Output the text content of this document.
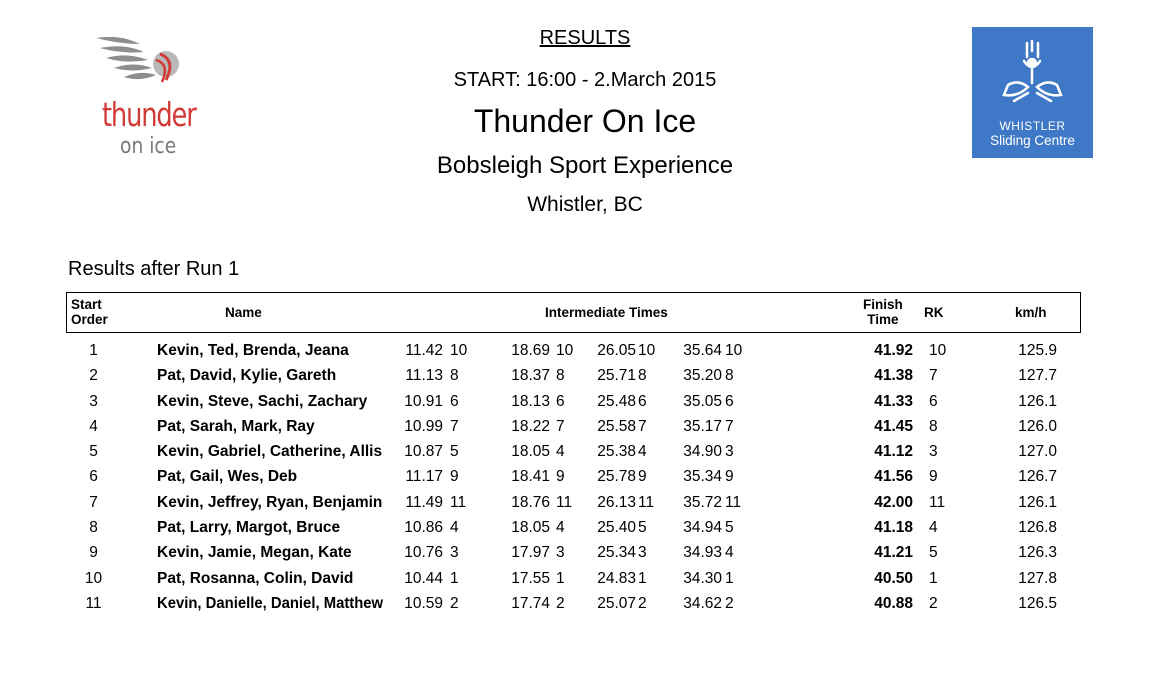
thunder
on ice
WHISTLER
Sliding Centre
RESULTS
START: 16:00 - 2.March 2015
Thunder On Ice
Bobsleigh Sport Experience
Whistler, BC
Results after Run 1
Start
Order	Name	Intermediate Times
Finish
Time	RK	km/h
1	Kevin, Ted, Brenda, Jeana	11.42 10	18.69 10	26.05 10	35.64 10	41.92 10	125.9
2	Pat, David, Kylie, Gareth	11.13 8	18.37 8	25.71 8	35.20 8	41.38 7	127.7
3	Kevin, Steve, Sachi, Zachary	10.91 6	18.13 6	25.48 6	35.05 6	41.33 6	126.1
4	Pat, Sarah, Mark, Ray	10.99 7	18.22 7	25.58 7	35.17 7	41.45 8	126.0
5	Kevin, Gabriel, Catherine, Allis	10.87 5	18.05 4	25.38 4	34.90 3	41.12 3	127.0
6	Pat, Gail, Wes, Deb	11.17 9	18.41 9	25.78 9	35.34 9	41.56 9	126.7
7	Kevin, Jeffrey, Ryan, Benjamin	11.49 11	18.76 11	26.13 11	35.72 11	42.00 11	126.1
8	Pat, Larry, Margot, Bruce	10.86 4	18.05 4	25.40 5	34.94 5	41.18 4	126.8
9	Kevin, Jamie, Megan, Kate	10.76 3	17.97 3	25.34 3	34.93 4	41.21 5	126.3
10	Pat, Rosanna, Colin, David	10.44 1	17.55 1	24.83 1	34.30 1	40.50 1	127.8
11	Kevin, Danielle, Daniel, Matthew	10.59 2	17.74 2	25.07 2	34.62 2	40.88 2	126.5
